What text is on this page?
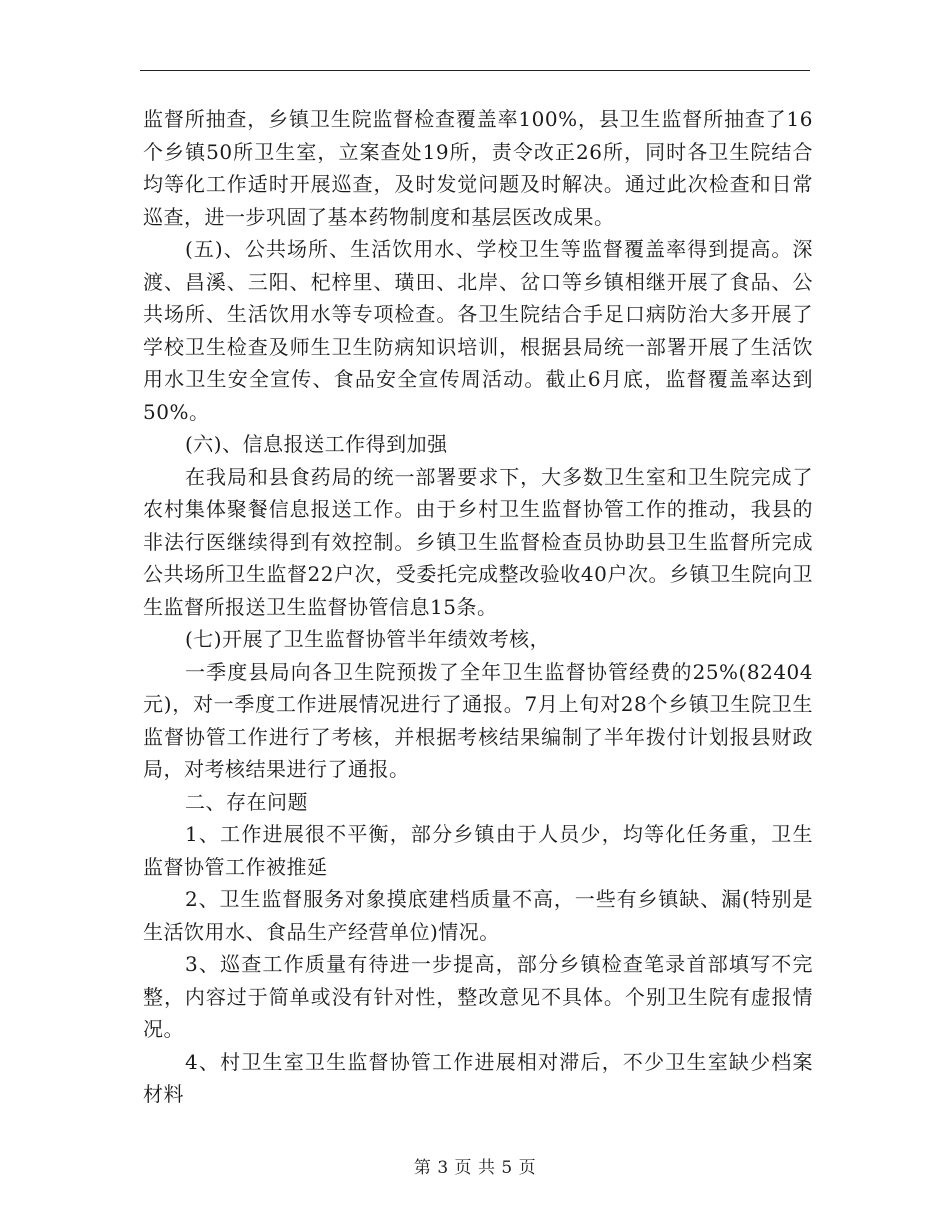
监督所抽查，乡镇卫生院监督检查覆盖率100%，县卫生监督所抽查了16个乡镇50所卫生室，立案查处19所，责令改正26所，同时各卫生院结合均等化工作适时开展巡查，及时发觉问题及时解决。通过此次检查和日常巡查，进一步巩固了基本药物制度和基层医改成果。

(五)、公共场所、生活饮用水、学校卫生等监督覆盖率得到提高。深渡、昌溪、三阳、杞梓里、璜田、北岸、岔口等乡镇相继开展了食品、公共场所、生活饮用水等专项检查。各卫生院结合手足口病防治大多开展了学校卫生检查及师生卫生防病知识培训，根据县局统一部署开展了生活饮用水卫生安全宣传、食品安全宣传周活动。截止6月底，监督覆盖率达到50%。

(六)、信息报送工作得到加强

在我局和县食药局的统一部署要求下，大多数卫生室和卫生院完成了农村集体聚餐信息报送工作。由于乡村卫生监督协管工作的推动，我县的非法行医继续得到有效控制。乡镇卫生监督检查员协助县卫生监督所完成公共场所卫生监督22户次，受委托完成整改验收40户次。乡镇卫生院向卫生监督所报送卫生监督协管信息15条。

(七)开展了卫生监督协管半年绩效考核，

一季度县局向各卫生院预拨了全年卫生监督协管经费的25%(82404元)，对一季度工作进展情况进行了通报。7月上旬对28个乡镇卫生院卫生监督协管工作进行了考核，并根据考核结果编制了半年拨付计划报县财政局，对考核结果进行了通报。

二、存在问题

1、工作进展很不平衡，部分乡镇由于人员少，均等化任务重，卫生监督协管工作被推延

2、卫生监督服务对象摸底建档质量不高，一些有乡镇缺、漏(特别是生活饮用水、食品生产经营单位)情况。

3、巡查工作质量有待进一步提高，部分乡镇检查笔录首部填写不完整，内容过于简单或没有针对性，整改意见不具体。个别卫生院有虚报情况。

4、村卫生室卫生监督协管工作进展相对滞后，不少卫生室缺少档案材料

第 3 页 共 5 页
